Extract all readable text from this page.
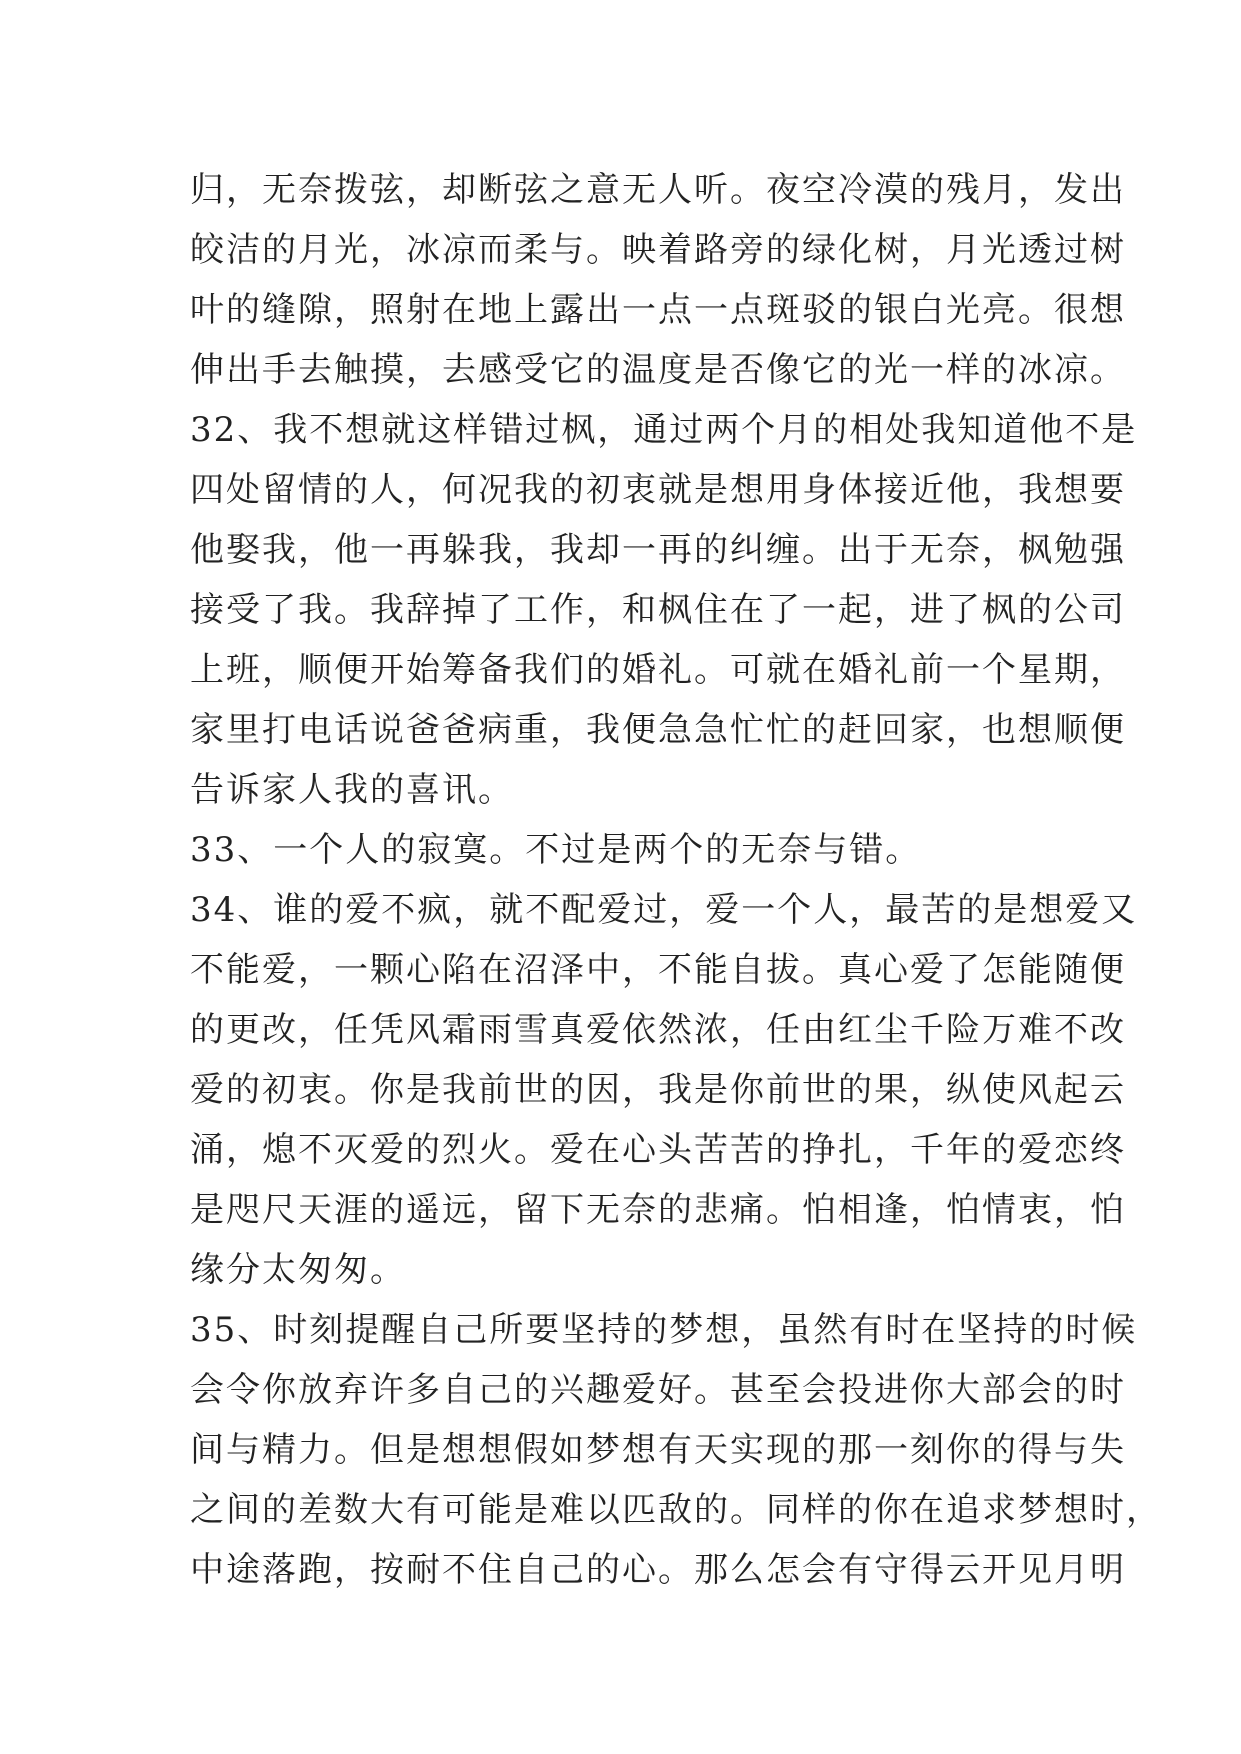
归，无奈拨弦，却断弦之意无人听。夜空冷漠的残月，发出
皎洁的月光，冰凉而柔与。映着路旁的绿化树，月光透过树
叶的缝隙，照射在地上露出一点一点斑驳的银白光亮。很想
伸出手去触摸，去感受它的温度是否像它的光一样的冰凉。
32、我不想就这样错过枫，通过两个月的相处我知道他不是
四处留情的人，何况我的初衷就是想用身体接近他，我想要
他娶我，他一再躲我，我却一再的纠缠。出于无奈，枫勉强
接受了我。我辞掉了工作，和枫住在了一起，进了枫的公司
上班，顺便开始筹备我们的婚礼。可就在婚礼前一个星期，
家里打电话说爸爸病重，我便急急忙忙的赶回家，也想顺便
告诉家人我的喜讯。
33、一个人的寂寞。不过是两个的无奈与错。
34、谁的爱不疯，就不配爱过，爱一个人，最苦的是想爱又
不能爱，一颗心陷在沼泽中，不能自拔。真心爱了怎能随便
的更改，任凭风霜雨雪真爱依然浓，任由红尘千险万难不改
爱的初衷。你是我前世的因，我是你前世的果，纵使风起云
涌，熄不灭爱的烈火。爱在心头苦苦的挣扎，千年的爱恋终
是咫尺天涯的遥远，留下无奈的悲痛。怕相逢，怕情衷，怕
缘分太匆匆。
35、时刻提醒自己所要坚持的梦想，虽然有时在坚持的时候
会令你放弃许多自己的兴趣爱好。甚至会投进你大部会的时
间与精力。但是想想假如梦想有天实现的那一刻你的得与失
之间的差数大有可能是难以匹敌的。同样的你在追求梦想时，
中途落跑，按耐不住自己的心。那么怎会有守得云开见月明
